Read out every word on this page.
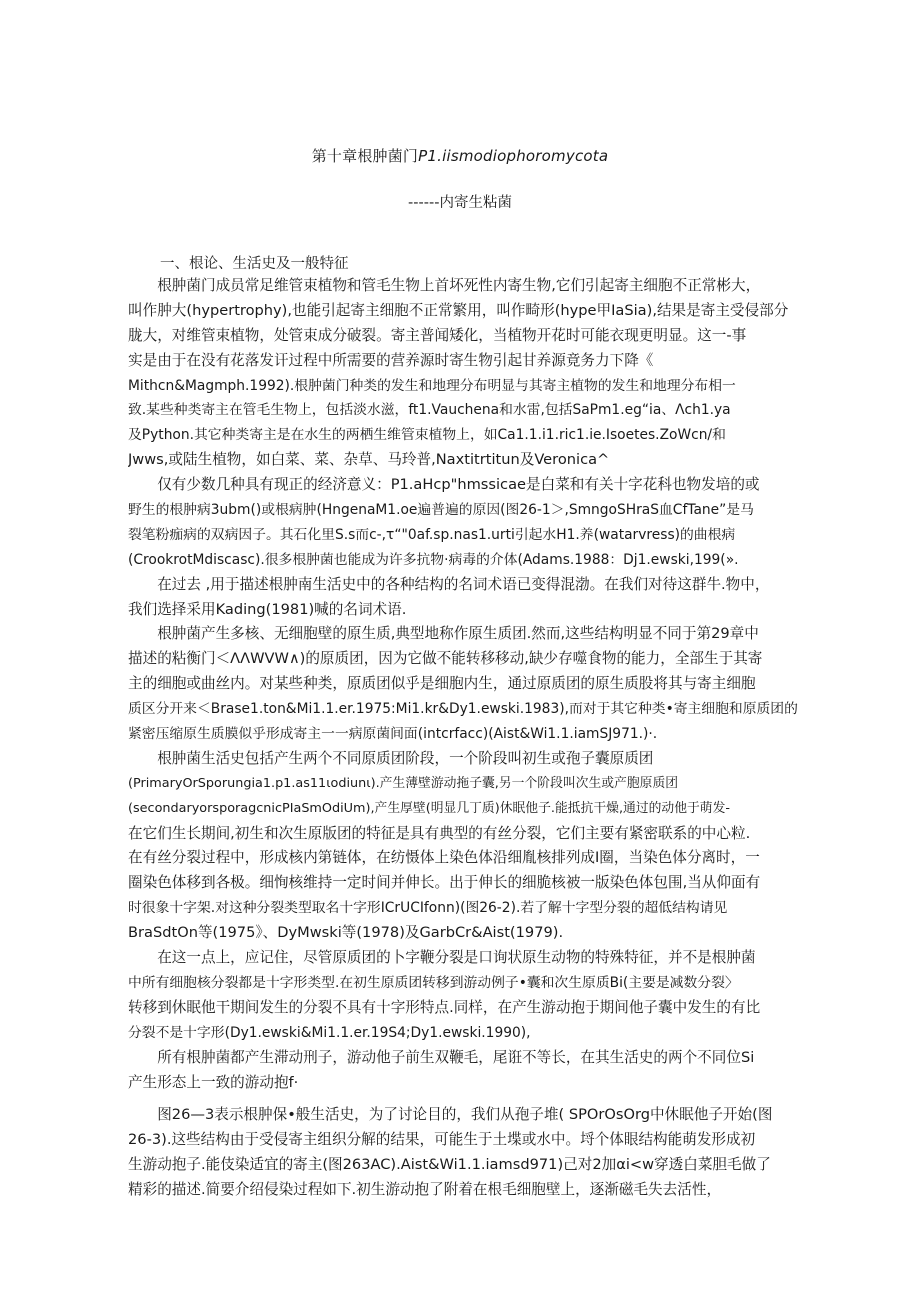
第十章根肿菌门P1.iismodiophoromycota
------内寄生粘菌
一、根论、生活史及一般特征
　　根肿菌门成员常足维管束植物和管毛生物上首坏死性内寄生物,它们引起寄主细胞不正常彬大，
叫作肿大(hypertrophy),也能引起寄主细胞不正常繁用，叫作畸形(hype甲IaSia),结果是寄主受侵部分
胧大，对维管束植物，处管束成分破裂。寄主普闻矮化，当植物开花时可能衣现更明显。这一-事
实是由于在没有花落发讦过程中所需要的营养源时寄生物引起甘养源竟务力下降《
Mithcn&Magmph.1992).根肿菌门种类的发生和地理分布明显与其寄主植物的发生和地理分布相一
致.某些种类寄主在管毛生物上，包括淡水滋，ft1.Vauchena和水雷,包括SaPm1.eg“ia、Λch1.ya
及Python.其它种类寄主是在水生的两栖生维管束植物上，如Ca1.1.i1.ric1.ie.Isoetes.ZoWcn/和
Jwws,或陆生植物，如白菜、菜、杂草、马玲普,Naxtitrtitun及Veronica^
　　仅有少数几种具有现正的经济意义：P1.aHcp"hmssicae是白菜和有关十字花科也物发培的或
野生的根肿病3ubm()或根病肿(HngenaM1.oe遍普遍的原因(图26-1＞,SmngoSHraS血CfTane”是马
裂笔粉痂病的双病因子。其石化里S.s而c-,τ“"0af.sp.nas1.urti引起水H1.养(watarvress)的曲根病
(CrookrotMdiscasc).很多根肿菌也能成为许多抗物·病毒的介体(Adams.1988：Dj1.ewski,199(».
　　在过去 ,用于描述根肿南生活史中的各种结构的名词术语已变得混渤。在我们对待这群牛.物中，
我们选择采用Kading(1981)喊的名词术语.
　　根肿菌产生多核、无细胞壁的原生质,典型地称作原生质团.然而,这些结构明显不同于第29章中
描述的粘衡门＜ΛΛWVW∧)的原质团，因为它做不能转移移动,缺少存噬食物的能力，全部生于其寄
主的细胞或曲丝内。对某些种类，原质团似乎是细胞内生，通过原质团的原生质股将其与寄主细胞
质区分开来＜Brase1.ton&Mi1.1.er.1975:Mi1.kr&Dy1.ewski.1983),而对于其它种类•寄主细胞和原质团的
紧密压缩原生质膜似乎形成寄主一一病原菌间面(intcrfacc)(Aist&Wi1.1.iamSJ971.)·.
　　根肿菌生活史包括产生两个不同原质团阶段，一个阶段叫初生或孢子囊原质团
(PrimaryOrSporungia1.p1.as11ιodiunι).产生薄壁游动拖子囊,另一个阶段叫次生或产胞原质团
(secondaryorsporagcnicPIaSmOdiUm),产生厚壁(明显几丁质)休眠他子.能抵抗干燥,通过的动他于萌发-
在它们生长期间,初生和次生原版团的特征是具有典型的有丝分裂，它们主要有紧密联系的中心粒.
在有丝分裂过程中，形成核内第链体，在纺慑体上染色体沿细胤核排列成I圈，当染色体分离时，一
圈染色体移到各极。细恂核维持一定时间并伸长。出于伸长的细脆核被一版染色体包围,当从仰面有
时很象十字架.对这种分裂类型取名十字形ICrUCIfonn)(图26-2).若了解十字型分裂的超低结构请见
BraSdtOn等(1975》、DyMwski等(1978)及GarbCr&Aist(1979).
　　在这一点上，应记住，尽管原质团的卜字鞭分裂是口询状原生动物的特殊特征，并不是根肿菌
中所有细胞核分裂都是十字形类型.在初生原质团转移到游动例子•囊和次生原质Bi(主要是减数分裂〉
转移到休眠他干期间发生的分裂不具有十字形特点.同样，在产生游动抱于期间他子囊中发生的有比
分裂不是十字形(Dy1.ewski&Mi1.1.er.19S4;Dy1.ewski.1990),
　　所有根肿菌都产生滞动刑子，游动他子前生双鞭毛，尾诳不等长，在其生活史的两个不同位Si
产生形态上一致的游动抱f·
　　图26—3表示根肿保•般生活史，为了讨论目的，我们从孢子堆( SPOrOsOrg中休眠他子开始(图
26-3).这些结构由于受侵寄主组织分解的结果，可能生于土堞或水中。埒个体眼结构能萌发形成初
生游动抱子.能伎染适宜的寄主(图263AC).Aist&Wi1.1.iamsd971)己对2加αi<w穿透白菜胆毛做了
精彩的描述.简要介绍侵染过程如下.初生游动抱了附着在根毛细胞壁上，逐渐磁毛失去活性，
